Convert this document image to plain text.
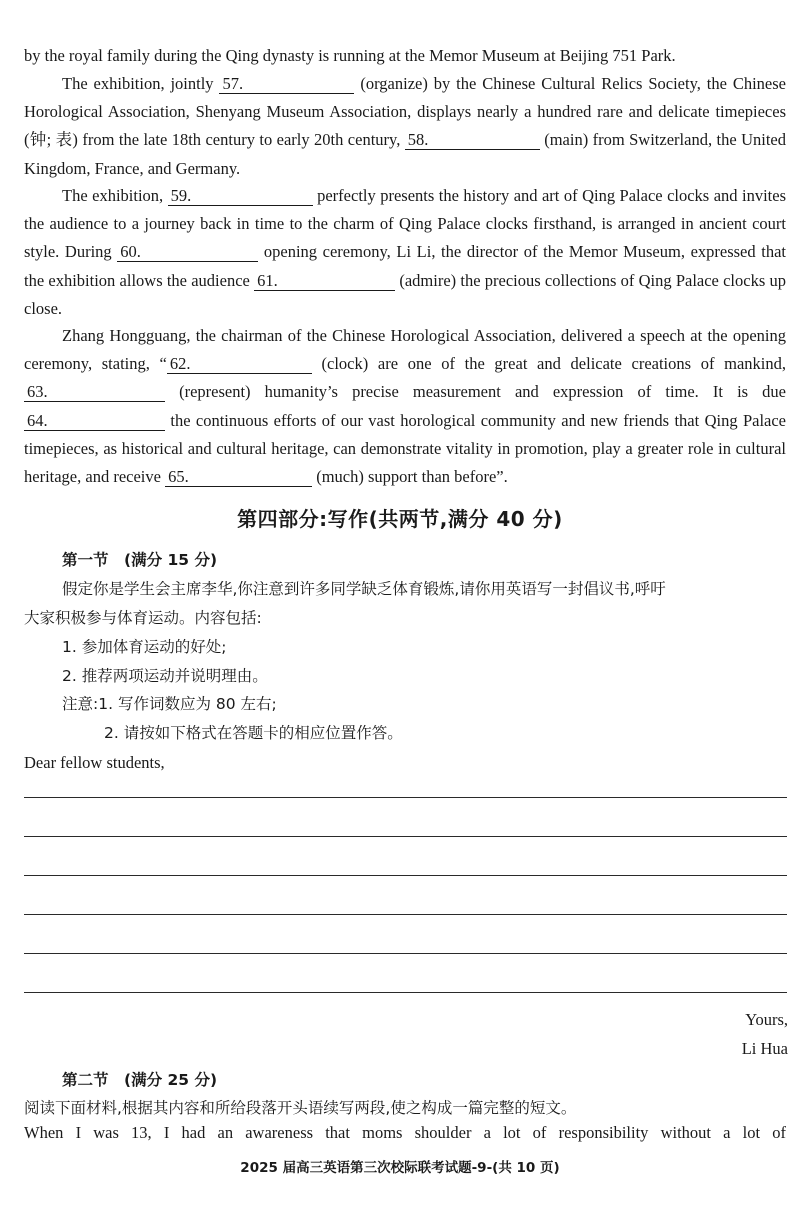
by the royal family during the Qing dynasty is running at the Memor Museum at Beijing 751 Park.

The exhibition, jointly 57.	(organize) by the Chinese Cultural Relics Society, the Chinese Horological Association, Shenyang Museum Association, displays nearly a hundred rare and delicate timepieces (钟; 表) from the late 18th century to early 20th century, 58.	(main) from Switzerland, the United Kingdom, France, and Germany.

The exhibition, 59.	perfectly presents the history and art of Qing Palace clocks and invites the audience to a journey back in time to the charm of Qing Palace clocks firsthand, is arranged in ancient court style. During 60.	opening ceremony, Li Li, the director of the Memor Museum, expressed that the exhibition allows the audience 61.	(admire) the precious collections of Qing Palace clocks up close.

Zhang Hongguang, the chairman of the Chinese Horological Association, delivered a speech at the opening ceremony, stating, “ 62.	(clock) are one of the great and delicate creations of mankind, 63.	(represent) humanity’s precise measurement and expression of time. It is due 64.	the continuous efforts of our vast horological community and new friends that Qing Palace timepieces, as historical and cultural heritage, can demonstrate vitality in promotion, play a greater role in cultural heritage, and receive 65.	(much) support than before”.

第四部分:写作(共两节,满分 40 分)

第一节　(满分 15 分)

假定你是学生会主席李华,你注意到许多同学缺乏体育锻炼,请你用英语写一封倡议书,呼吁

大家积极参与体育运动。内容包括:

1. 参加体育运动的好处;

2. 推荐两项运动并说明理由。

注意:1. 写作词数应为 80 左右;

2. 请按如下格式在答题卡的相应位置作答。

Dear fellow students,

Yours,
Li Hua

第二节　(满分 25 分)

阅读下面材料,根据其内容和所给段落开头语续写两段,使之构成一篇完整的短文。

When I was 13, I had an awareness that moms shoulder a lot of responsibility without a lot of

2025 届高三英语第三次校际联考试题-9-(共 10 页)
